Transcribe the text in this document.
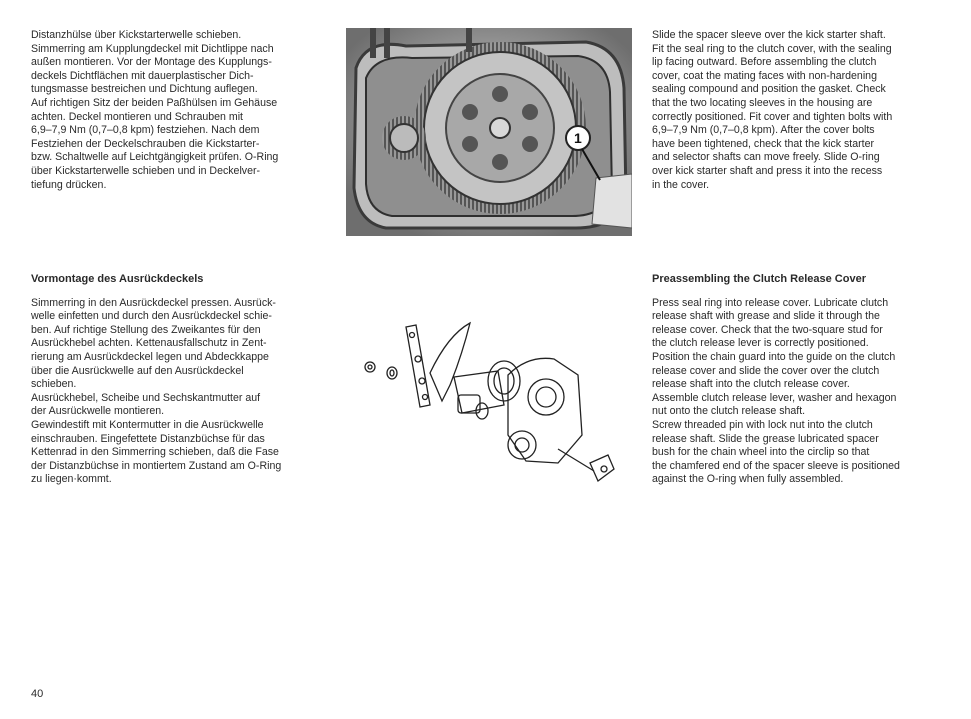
Distanzhülse über Kickstarterwelle schieben.

Simmerring am Kupplungdeckel mit Dichtlippe nach

außen montieren. Vor der Montage des Kupplungs-

deckels Dichtflächen mit dauerplastischer Dich-

tungsmasse bestreichen und Dichtung auflegen.

Auf richtigen Sitz der beiden Paßhülsen im Gehäuse

achten. Deckel montieren und Schrauben mit

6,9–7,9 Nm (0,7–0,8 kpm) festziehen. Nach dem

Festziehen der Deckelschrauben die Kickstarter-

bzw. Schaltwelle auf Leichtgängigkeit prüfen. O-Ring

über Kickstarterwelle schieben und in Deckelver-

tiefung drücken.

1

Slide the spacer sleeve over the kick starter shaft.

Fit the seal ring to the clutch cover, with the sealing

lip facing outward. Before assembling the clutch

cover, coat the mating faces with non-hardening

sealing compound and position the gasket. Check

that the two locating sleeves in the housing are

correctly positioned. Fit cover and tighten bolts with

6,9–7,9 Nm (0,7–0,8 kpm). After the cover bolts

have been tightened, check that the kick starter

and selector shafts can move freely. Slide O-ring

over kick starter shaft and press it into the recess

in the cover.

Vormontage des Ausrückdeckels

Simmerring in den Ausrückdeckel pressen. Ausrück-

welle einfetten und durch den Ausrückdeckel schie-

ben. Auf richtige Stellung des Zweikantes für den

Ausrückhebel achten. Kettenausfallschutz in Zent-

rierung am Ausrückdeckel legen und Abdeckkappe

über die Ausrückwelle auf den Ausrückdeckel

schieben.

Ausrückhebel, Scheibe und Sechskantmutter auf

der Ausrückwelle montieren.

Gewindestift mit Kontermutter in die Ausrückwelle

einschrauben. Eingefettete Distanzbüchse für das

Kettenrad in den Simmerring schieben, daß die Fase

der Distanzbüchse in montiertem Zustand am O-Ring

zu liegen·kommt.

Preassembling the Clutch Release Cover

Press seal ring into release cover. Lubricate clutch

release shaft with grease and slide it through the

release cover. Check that the two-square stud for

the clutch release lever is correctly positioned.

Position the chain guard into the guide on the clutch

release cover and slide the cover over the clutch

release shaft into the clutch release cover.

Assemble clutch release lever, washer and hexagon

nut onto the clutch release shaft.

Screw threaded pin with lock nut into the clutch

release shaft. Slide the grease lubricated spacer

bush for the chain wheel into the circlip so that

the chamfered end of the spacer sleeve is positioned

against the O-ring when fully assembled.

40
